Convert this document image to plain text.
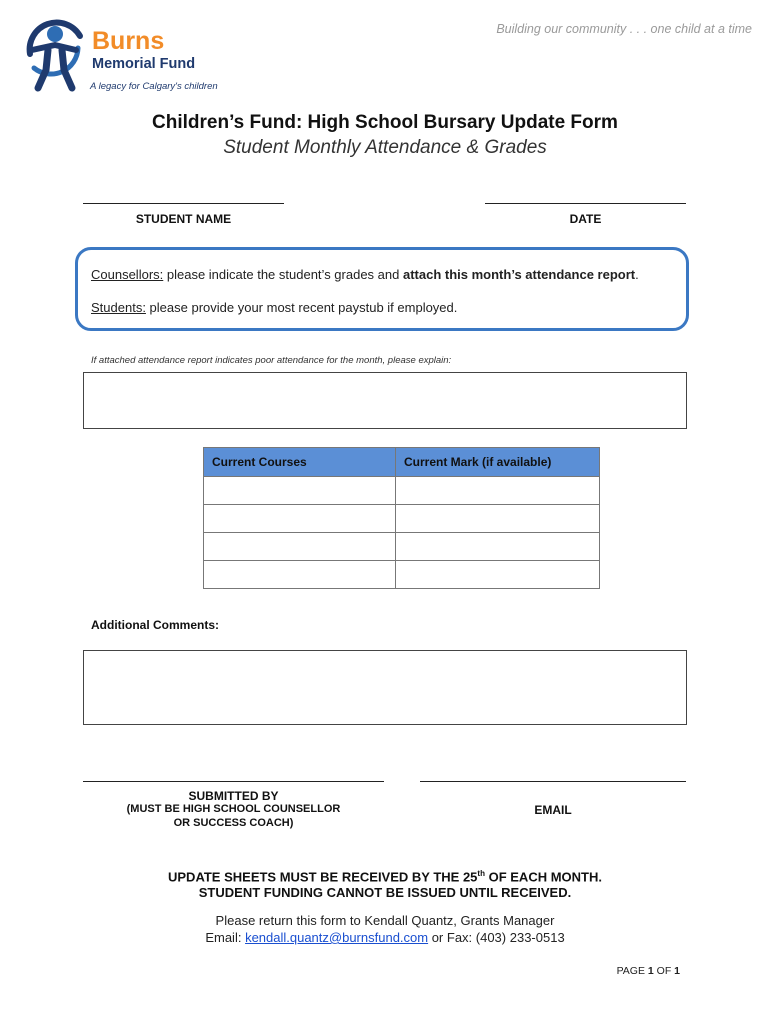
Building our community . . . one child at a time
Burns
Memorial Fund
A legacy for Calgary's children
Children’s Fund: High School Bursary Update Form
Student Monthly Attendance & Grades
STUDENT NAME	DATE
Counsellors: please indicate the student’s grades and attach this month’s attendance report.
Students: please provide your most recent paystub if employed.
If attached attendance report indicates poor attendance for the month, please explain:
Current Courses	Current Mark (if available)

Additional Comments:
SUBMITTED BY
(MUST BE HIGH SCHOOL COUNSELLOR
OR SUCCESS COACH)
EMAIL
UPDATE SHEETS MUST BE RECEIVED BY THE 25th OF EACH MONTH.
STUDENT FUNDING CANNOT BE ISSUED UNTIL RECEIVED.
Please return this form to Kendall Quantz, Grants Manager
Email: kendall.quantz@burnsfund.com or Fax: (403) 233-0513
PAGE 1 OF 1
